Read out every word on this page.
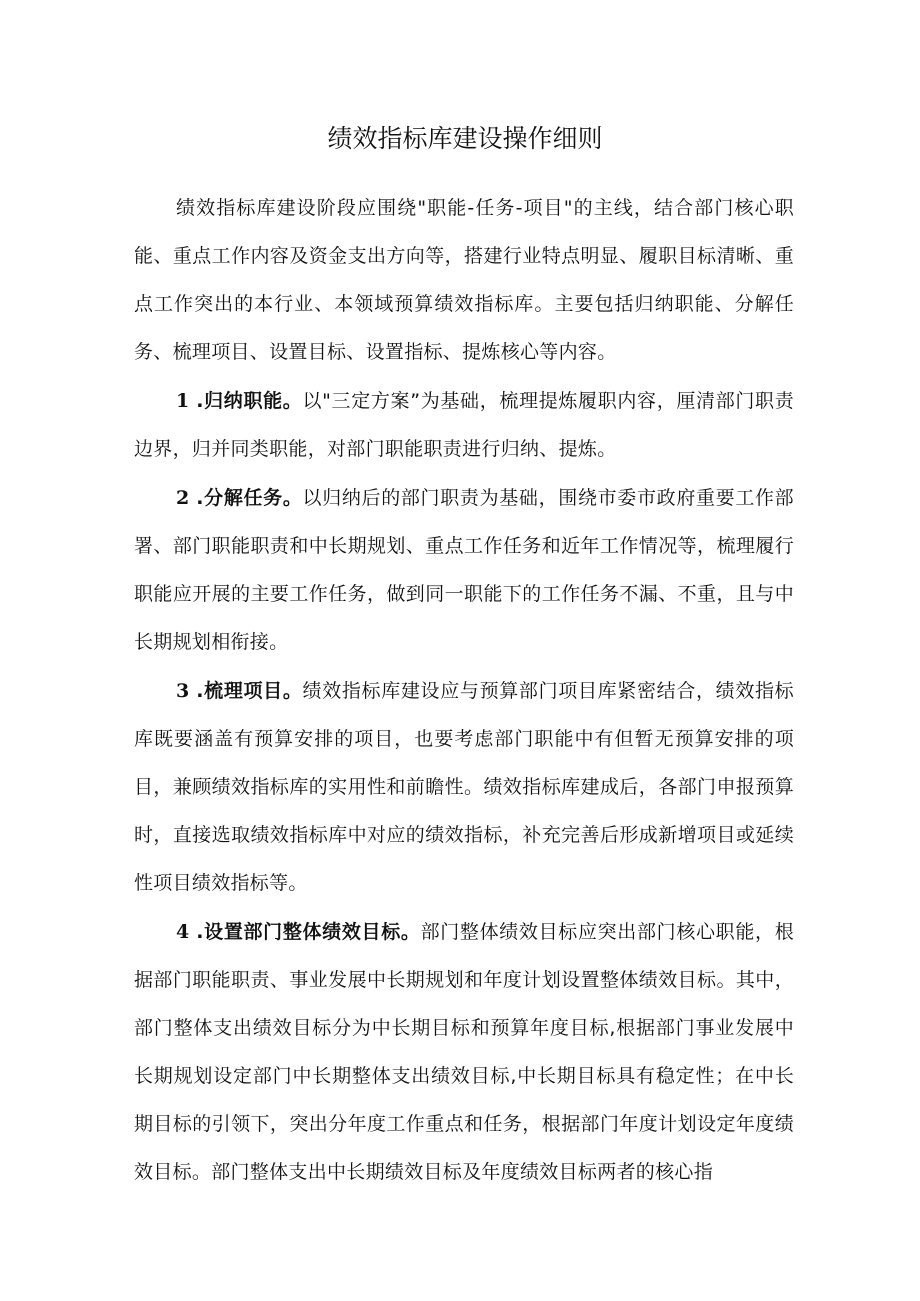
绩效指标库建设操作细则

绩效指标库建设阶段应围绕"职能-任务-项目"的主线，结合部门核心职能、重点工作内容及资金支出方向等，搭建行业特点明显、履职目标清晰、重点工作突出的本行业、本领域预算绩效指标库。主要包括归纳职能、分解任务、梳理项目、设置目标、设置指标、提炼核心等内容。

1 .归纳职能。以"三定方案”为基础，梳理提炼履职内容，厘清部门职责边界，归并同类职能，对部门职能职责进行归纳、提炼。

2 .分解任务。以归纳后的部门职责为基础，围绕市委市政府重要工作部署、部门职能职责和中长期规划、重点工作任务和近年工作情况等，梳理履行职能应开展的主要工作任务，做到同一职能下的工作任务不漏、不重，且与中长期规划相衔接。

3 .梳理项目。绩效指标库建设应与预算部门项目库紧密结合，绩效指标库既要涵盖有预算安排的项目，也要考虑部门职能中有但暂无预算安排的项目，兼顾绩效指标库的实用性和前瞻性。绩效指标库建成后，各部门申报预算时，直接选取绩效指标库中对应的绩效指标，补充完善后形成新增项目或延续性项目绩效指标等。

4 .设置部门整体绩效目标。部门整体绩效目标应突出部门核心职能，根据部门职能职责、事业发展中长期规划和年度计划设置整体绩效目标。其中，部门整体支出绩效目标分为中长期目标和预算年度目标,根据部门事业发展中长期规划设定部门中长期整体支出绩效目标,中长期目标具有稳定性；在中长期目标的引领下，突出分年度工作重点和任务，根据部门年度计划设定年度绩效目标。部门整体支出中长期绩效目标及年度绩效目标两者的核心指
